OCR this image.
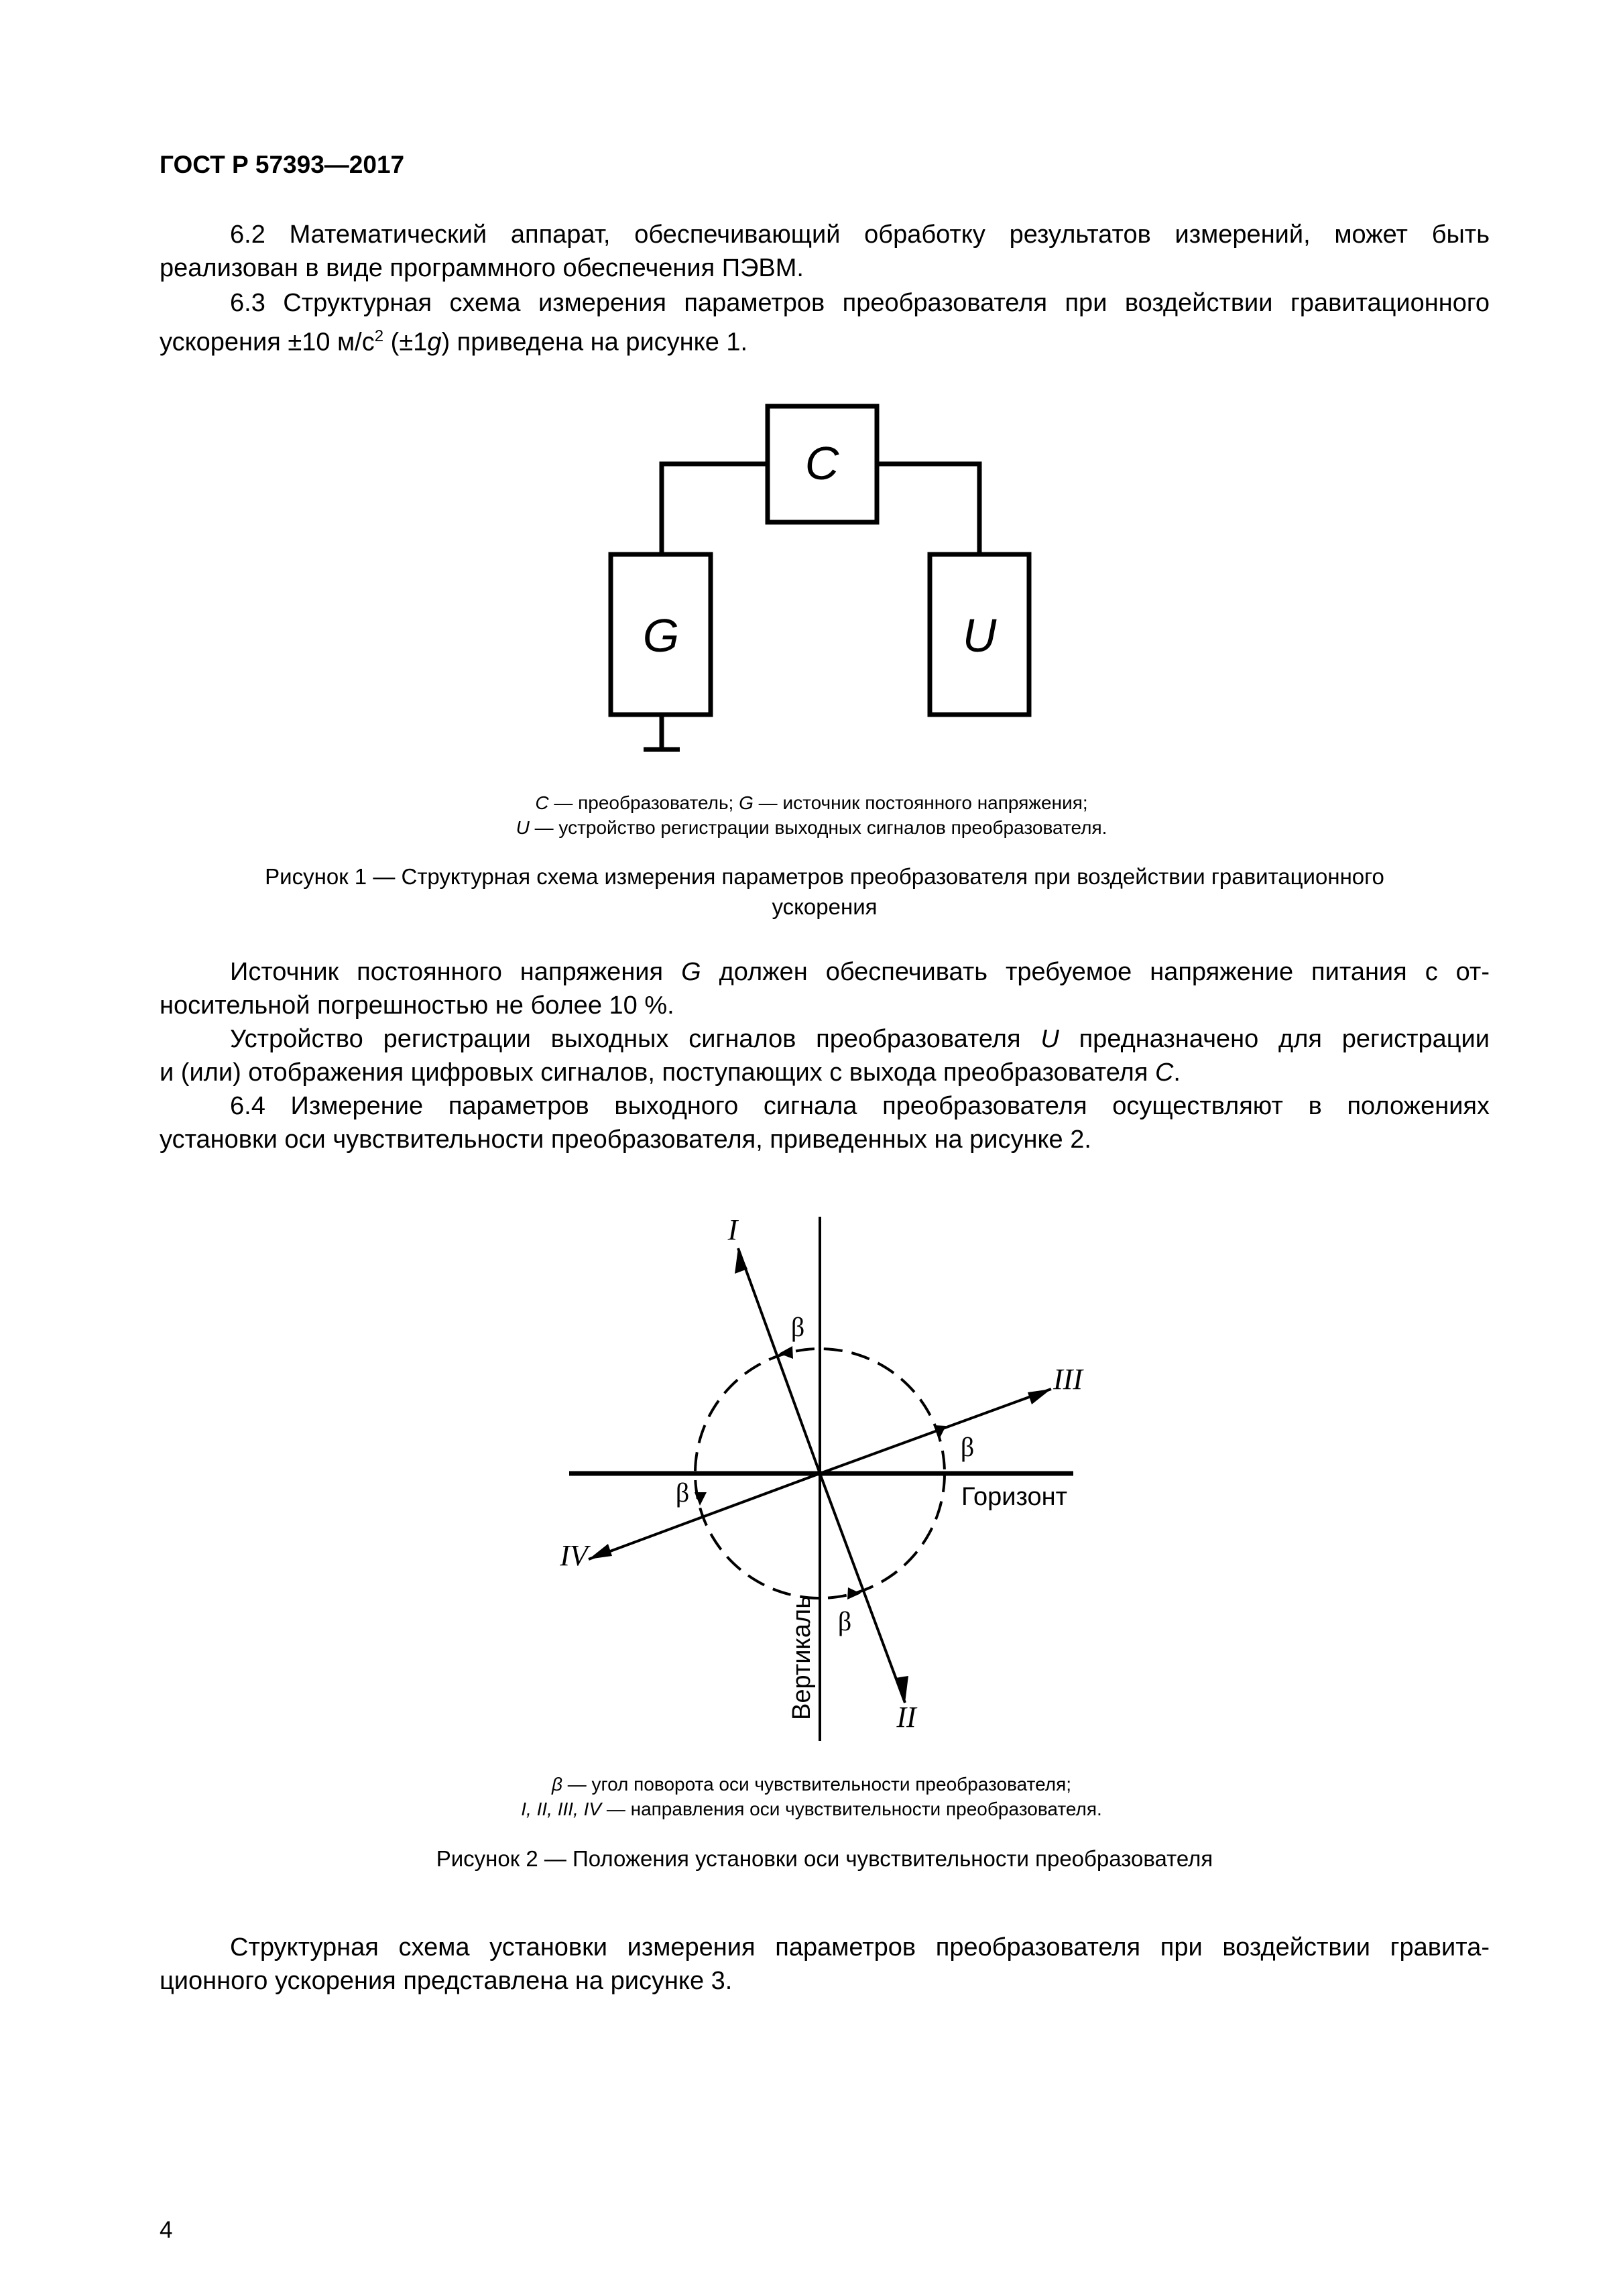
ГОСТ Р 57393—2017
6.2 Математический аппарат, обеспечивающий обработку результатов измерений, может быть
реализован в виде программного обеспечения ПЭВМ.
6.3 Структурная схема измерения параметров преобразователя при воздействии гравитационного
ускорения ±10 $м/с^2$ (±1g) приведена на рисунке 1.
C
G	U
C — преобразователь; G — источник постоянного напряжения;
U — устройство регистрации выходных сигналов преобразователя.
Рисунок 1 — Структурная схема измерения параметров преобразователя при воздействии гравитационного
ускорения
Источник постоянного напряжения G должен обеспечивать требуемое напряжение питания с от-
носительной погрешностью не более 10 %.
Устройство регистрации выходных сигналов преобразователя U предназначено для регистрации
и (или) отображения цифровых сигналов, поступающих с выхода преобразователя C.
6.4 Измерение параметров выходного сигнала преобразователя осуществляют в положениях
установки оси чувствительности преобразователя, приведенных на рисунке 2.
I
II
III
IV
β
β
β
β
Горизонт
Вертикаль
β — угол поворота оси чувствительности преобразователя;
I, II, III, IV — направления оси чувствительности преобразователя.
Рисунок 2 — Положения установки оси чувствительности преобразователя
Структурная схема установки измерения параметров преобразователя при воздействии гравита-
ционного ускорения представлена на рисунке 3.
4
